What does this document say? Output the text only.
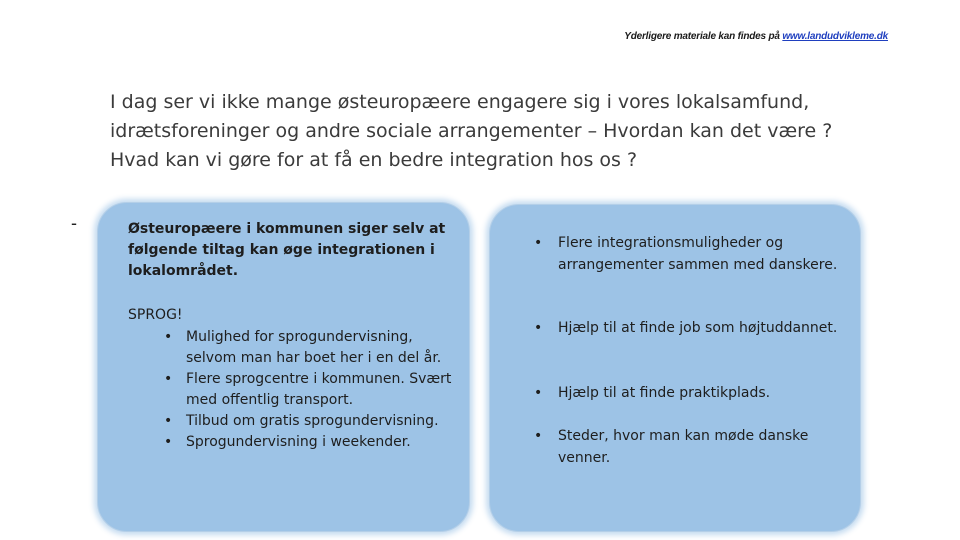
Yderligere materiale kan findes på www.landudvikleme.dk
I dag ser vi ikke mange østeuropæere engagere sig i vores lokalsamfund,
idrætsforeninger og andre sociale arrangementer – Hvordan kan det være ?
Hvad kan vi gøre for at få en bedre integration hos os ?
-	Østeuropæere i kommunen siger selv at følgende tiltag kan øge integrationen i lokalområdet.
SPROG!
• Mulighed for sprogundervisning, selvom man har boet her i en del år.
• Flere sprogcentre i kommunen. Svært med offentlig transport.
• Tilbud om gratis sprogundervisning.
• Sprogundervisning i weekender.
• Flere integrationsmuligheder og arrangementer sammen med danskere.
• Hjælp til at finde job som højtuddannet.
• Hjælp til at finde praktikplads.
• Steder, hvor man kan møde danske venner.
